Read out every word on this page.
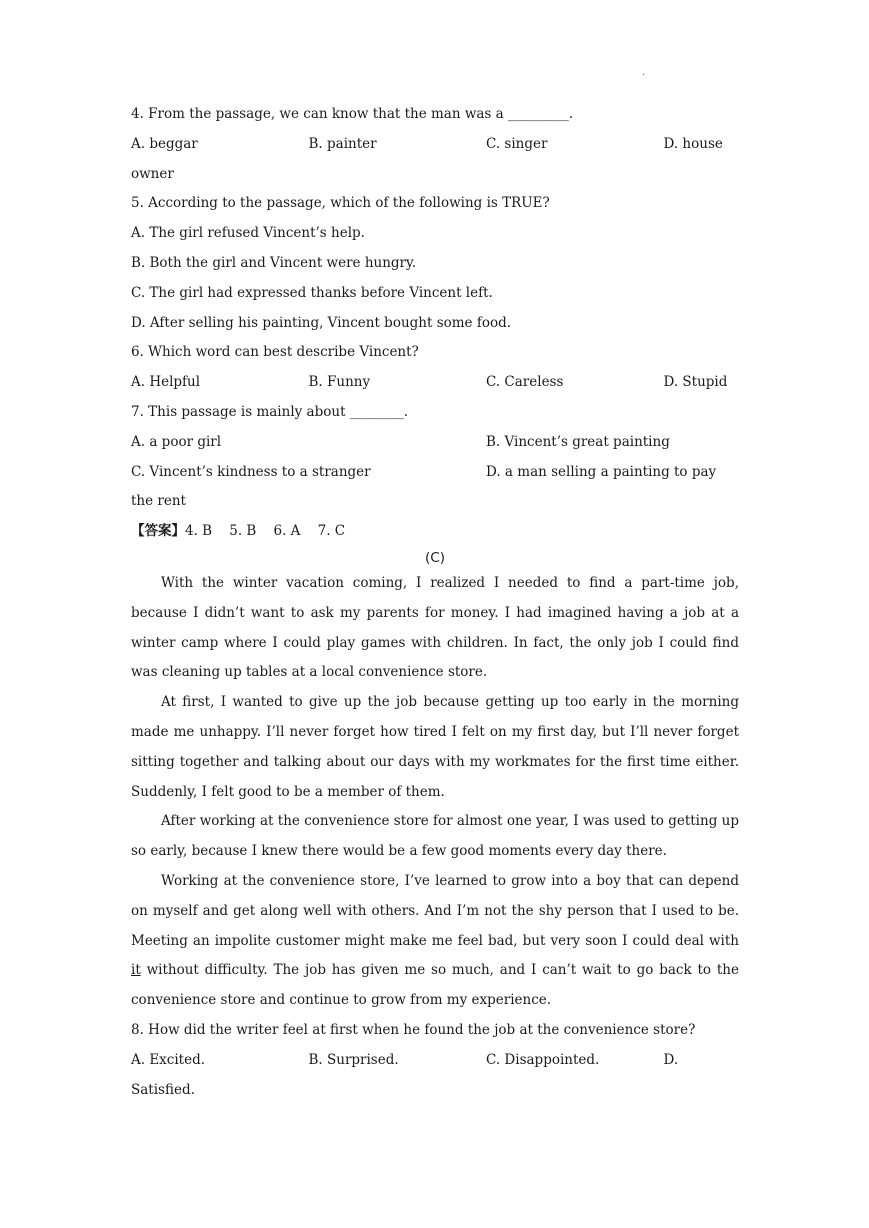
·
4. From the passage, we can know that the man was a _________.
A. beggar	B. painter	C. singer	D. house
owner
5. According to the passage, which of the following is TRUE?
A. The girl refused Vincent’s help.
B. Both the girl and Vincent were hungry.
C. The girl had expressed thanks before Vincent left.
D. After selling his painting, Vincent bought some food.
6. Which word can best describe Vincent?
A. Helpful	B. Funny	C. Careless	D. Stupid
7. This passage is mainly about ________.
A. a poor girl	B. Vincent’s great painting
C. Vincent’s kindness to a stranger	D. a man selling a painting to pay
the rent
【答案】4. B    5. B    6. A    7. C
(C)

With the winter vacation coming, I realized I needed to find a part-time job, because I didn’t want to ask my parents for money. I had imagined having a job at a winter camp where I could play games with children. In fact, the only job I could find was cleaning up tables at a local convenience store.

At first, I wanted to give up the job because getting up too early in the morning made me unhappy. I’ll never forget how tired I felt on my first day, but I’ll never forget sitting together and talking about our days with my workmates for the first time either. Suddenly, I felt good to be a member of them.

After working at the convenience store for almost one year, I was used to getting up so early, because I knew there would be a few good moments every day there.

Working at the convenience store, I’ve learned to grow into a boy that can depend on myself and get along well with others. And I’m not the shy person that I used to be. Meeting an impolite customer might make me feel bad, but very soon I could deal with it without difficulty. The job has given me so much, and I can’t wait to go back to the convenience store and continue to grow from my experience.

8. How did the writer feel at first when he found the job at the convenience store?
A. Excited.	B. Surprised.	C. Disappointed.	D.
Satisfied.
